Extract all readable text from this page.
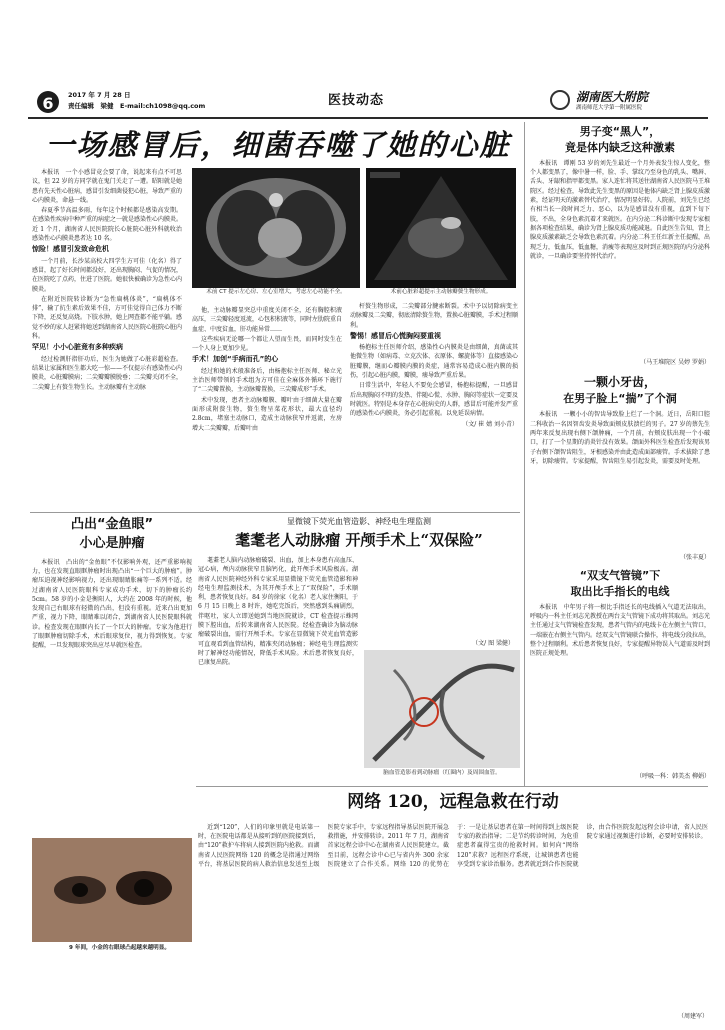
6	2017 年 7 月 28 日
责任编辑　梁健　E-mail:ch1098@qq.com	医技动态	湖南医大附院
湖南师范大学第一附属医院
一场感冒后，细菌吞噬了她的心脏

本报讯　一个小感冒竟会要了命，说起来有点不可思议，但 22 岁的方同学就在鬼门关走了一遭。昭阳就是她患有先天性心脏病，感冒引发细菌侵犯心脏，导致严重的心内膜炎，命悬一线。

春夏季节高温多雨，每年这个时候都是感染高发期。在感染性疾病中种严重的病症之一就是感染性心内膜炎。近 1 个月，湖南省人民医院院长心脏院心脏外科就收治感染性心内膜炎患者达 10 名。

惊险！感冒引发致命危机

一个月前，长沙某高校大四学生方可佳（化名）得了感冒，起了好长时间都没好，还出现胸闷、气促的情况，在医院吃了点药，住进了医院。她很快被确诊为急性心内膜炎。

在附近医院转诊断为“急性扁桃体炎”，“扁桃体不排”，输了抗生素后效果不佳，方可佳觉得自己体力不断下降，还反复高烧。下肢水肿，她上网查都不能平躺。感觉不妙的家人赶紧将她送到湖南省人民医院心脏院心脏内科。

罕见！小小心脏竟有多种疾病

经过检测肝指肝功后，医生为她做了心脏彩超检查。结果让家属和医生都大吃一惊——不仅提示有感染性心内膜炎，心脏瓣膜病；二尖瓣瓣膜脱垂；二尖瓣关闭不全，二尖瓣上有赘生物生长。主动脉瓣有主动脉

术前 CT 提示左心房、左心室增大，考虑左心功能不全。	术前心脏彩超提示主动脉瓣赘生物形成。

他，主动脉瓣显突总中重度关闭不全，还有胸腔积液高压，三尖瓣轻度返流，心包积积液等，同时左肋院重自血症、中度贫血，肝功能异常……

这些疾病无论哪一个都让人望而生畏，而同时发生在一个人身上更加少见。

手术！加创“手病而孔”的心

经过和她的术般准备后，由杨抱标主任医师、秘立光主治医师带领的手术组为方可佳在全麻体外循环下施行了“二尖瓣置换，主动脉瓣置换，三尖瓣成形”手术。

术中发现，患者主动脉瓣膜、瓣叶由于细菌大量在瓣面形成附赘生物，赘生物呈菜花形状，最大直径约 2.8cm，堵塞主动脉口，造成主动脉狭窄并返流，左房增大二尖瓣瓣，后瓣叶由

杆赘生物形成，二尖瓣部分腱索断裂。术中予以切除病变主动脉瓣及二尖瓣，彻底清除赘生物，置换心脏瓣膜，手术过程顺利。

警惕！感冒后心慌胸闷要重视

杨抱标主任医师介绍，感染性心内膜炎是由细菌，真菌或其他微生物（如病毒、立克次体、衣原体、螺旋体等）直接感染心脏瓣膜，继而心瓣膜内膜的炎症，通常容易造成心脏内膜的损伤，引起心脏内膜，瓣膜，瘘导致严重后果。

日常生活中，年轻人不要免会感冒，杨抱标提醒，一旦感冒后出现胸闷不明的发热、伴随心慌、水肿、胸闷等症状一定要及时就医。特别是本身存在心脏病史的人群，感冒后可能并发严重的感染性心内膜炎，务必引起重视。以免延误病情。

（文/ 崔 婧 刘小青）
男子变“黑人”，
竟是体内缺乏这种激素

本报讯　谭刚 53 岁的刘先生最近一个月外表发生惊人变化，整个人都变黑了，像中暑一样，脸、手、掌纹乃至身色的乳头、嘴唇、舌头、牙龈和指甲都变黑。家人连忙将其送往湖南省人民医院马王堆院区。经过检查，导致此先生变黑的原因是他体内缺乏肾上腺皮质激素，经证明天的激素替代治疗，情况明显好转。人院前，刘先生已经有相当长一段时间乏力、恶心，以为是感冒没有重视，直到下旬下肢，不出，全身色素沉着才来就医。在内分泌二科诊断中发现专家根据各项检查结果，确诊为肾上腺皮质功能减退。自此医生告知，肾上腺皮质激素缺乏会导致色素沉着。内分泌二科王任红新主任提醒，出现乏力，低血压，低血糖，消瘦等表现应及时到正规医院的内分泌科就诊，一旦确诊要坚持替代治疗。

（马王堆院区 吴婷 罗娟）
一颗小牙齿，
在男子脸上“揣”了个洞

本报讯　一颗小小的智齿导致脸上烂了一个洞。近日，岳阳口腔二科收治一名因智齿发炎导致面颊皮肤溃烂的男子。27 岁的蔡先生两年来反复出现右侧下颌肿痛，一个月前，右颊皮肤出现一个小破口，打了一个星期的消炎针没有效果。颌面外科医生检查后发现该男子右侧下颌智齿阻生，牙根感染并由此造成面部瘘管。手术拔除了患牙，切除瘘管。专家提醒，智齿阻生易引起发炎，需要及时处理。

（张丰夏）
“双支气管镜”下
取出比手指长的电线

本报讯　中年男子将一根比手指还长的电线插入气道无法取出，呼吸内一科主任刘志光教授在两台支气管镜下成功将其取出。刘志光主任通过支气管镜检查发现，患者气管内的电线卡在左侧主气管口，一端嵌在右侧主气管内。经双支气管镜联合操作，将电线分段拉出，整个过程顺利。术后患者恢复良好，专家提醒异物误入气道需及时到医院正规处理。

（呼吸一科：韩美杰 柳娟）
凸出“金鱼眼”
小心是肿瘤

本报讯　凸出的“金鱼眼”不仅影响外观，还严重影响视力，也在发现直眼眶肿瘤时出现凸出“一个巨大的肿瘤”。肿瘤压迫视神经影响视力，还出现眼睛胀痛等一系列不适。经过湖南省人民医院眼科专家成功手术，切下的肿瘤长约 5cm。58 岁的小金是衡阳人，大约在 2008 年的时候，他发现自己右眼球有轻微的凸出，但没有重视。近来凸出更加严重，视力下降，眼睛难以闭合，到湖南省人民医院眼科就诊。检查发现在眼眶内长了一个巨大的肿瘤。专家为他进行了眼眶肿瘤切除手术，术后眼球复位，视力得到恢复。专家提醒，一旦发现眼球突出应尽早就医检查。

9 年间，小金的右眼球凸起越来越明显。
显微镜下荧光血管造影、神经电生理监测
耄耄老人动脉瘤 开颅手术上“双保险”

耄耋老人脑内动脉瘤破裂、出血，加上本身患有高血压、冠心病，颅内动脉狭窄且脑钙化，此开颅手术风险极高。湖南省人民医院神经外科专家采用显微镜下荧光血管造影和神经电生理监测技术，为其开颅手术上了“双保险”，手术顺利，患者恢复良好。84 岁的徐家（化名）老人家住衡阳，于 6 月 15 日晚上 8 时许，她吃完饭后，突然感到头痛剧烈，伴呕吐，家人立即送她到当地医院就诊，CT 检查提示蛛网膜下腔出血，后转来湖南省人民医院。经检查确诊为脑动脉瘤破裂出血，需行开颅手术。专家在显微镜下荧光血管造影可直观看到血管结构，精准夹闭动脉瘤；神经电生理监测实时了解神经功能情况，降低手术风险。术后患者恢复良好，已康复出院。

（文/ 图 梁健）
脑血管造影看到动脉瘤（红圈内）及周围血管。
网络 120，远程急救在行动

近到“120”，人们的印象里就是电话第一时，在医院电话都是从接听到的医院接到后，由“120”救护车将病人接到医院内抢救。而湖南省人民医院网络 120 的概念是指通过网络平台，将基层医院的病人救治信息发送至上级医院专家手中，专家远程指导基层医院开展急救措施，并安排转诊。2011 年 7 月，湖南省首家远程会诊中心在湖南省人民医院建立。截至目前，远程会诊中心已与省内外 300 余家医院建立了合作关系。网络 120 的优势在于：一是让基层患者在第一时间得到上级医院专家的救治指导；二是节约转诊时间，为危重症患者赢得宝贵的抢救时间。如何向“网络 120”求救？远程医疗系统，让城镇患者也能享受到专家诊治服务。患者就近到合作医院就诊，由合作医院发起远程会诊申请，省人民医院专家通过视频进行诊断，必要时安排转诊。

（周建军）
